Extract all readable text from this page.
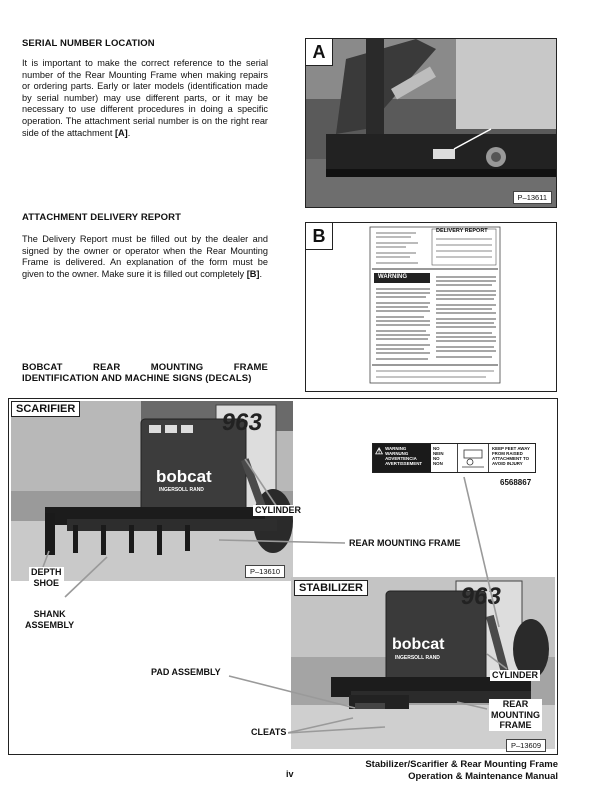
SERIAL NUMBER LOCATION
It is important to make the correct reference to the serial number of the Rear Mounting Frame when making repairs or ordering parts. Early or later models (identification made by serial number) may use different parts, or it may be necessary to use different procedures in doing a specific operation. The attachment serial number is on the right rear side of the attachment [A].
ATTACHMENT DELIVERY REPORT
The Delivery Report must be filled out by the dealer and signed by the owner or operator when the Rear Mounting Frame is delivered. An explanation of the form must be given to the owner. Make sure it is filled out completely [B].
BOBCAT REAR MOUNTING FRAME
IDENTIFICATION AND MACHINE SIGNS (DECALS)
A
P–13611
DELIVERY REPORT
WARNING
B
963
bobcat
INGERSOLL RAND
SCARIFIER
P–13610
963
bobcat
INGERSOLL RAND
STABILIZER
P–13609
⚠ WARNING
WARNUNG
ADVERTENCIA
AVERTISSEMENT
NO
NEIN
NO
NON
KEEP FEET AWAY FROM RAISED ATTACHMENT TO AVOID INJURY
6568867
CYLINDER
REAR MOUNTING FRAME
DEPTH
SHOE
SHANK
ASSEMBLY
PAD ASSEMBLY	CYLINDER
CLEATS
REAR
MOUNTING
FRAME
iv
Stabilizer/Scarifier & Rear Mounting Frame
Operation & Maintenance Manual
